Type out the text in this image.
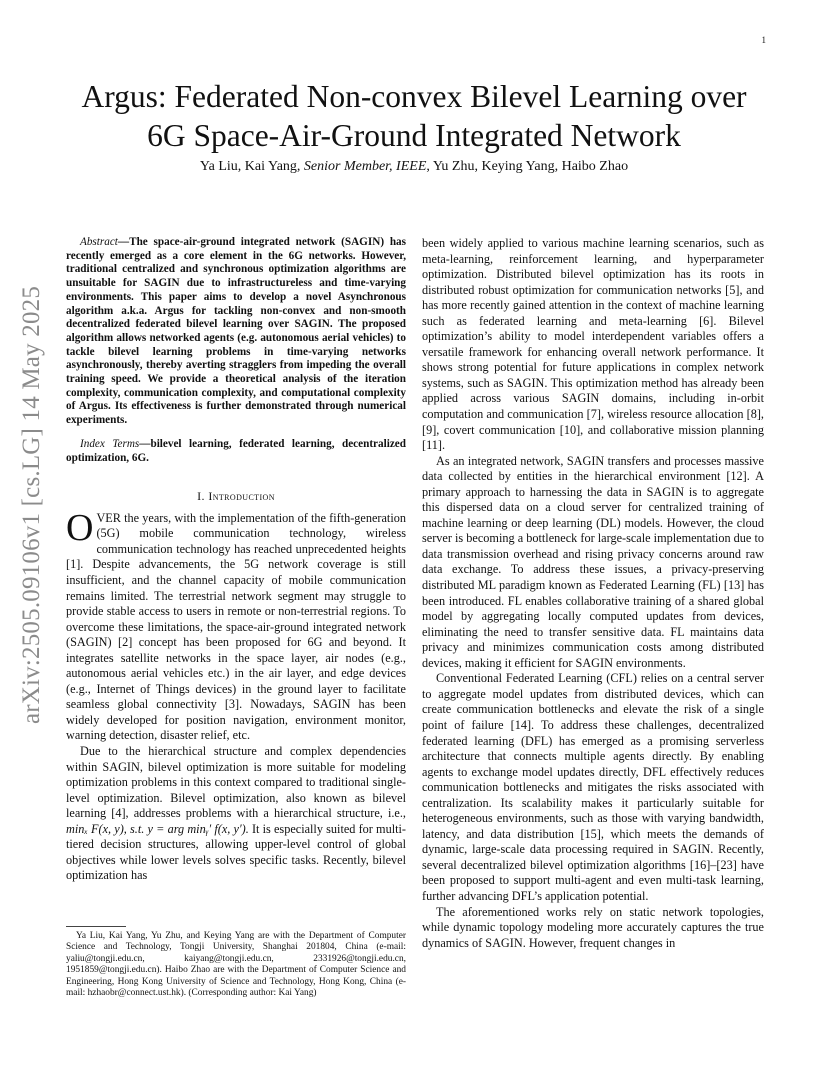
1
arXiv:2505.09106v1 [cs.LG] 14 May 2025
Argus: Federated Non-convex Bilevel Learning over
6G Space-Air-Ground Integrated Network
Ya Liu, Kai Yang, Senior Member, IEEE, Yu Zhu, Keying Yang, Haibo Zhao

Abstract—The space-air-ground integrated network (SAGIN) has recently emerged as a core element in the 6G networks. However, traditional centralized and synchronous optimization algorithms are unsuitable for SAGIN due to infrastructureless and time-varying environments. This paper aims to develop a novel Asynchronous algorithm a.k.a. Argus for tackling non-convex and non-smooth decentralized federated bilevel learning over SAGIN. The proposed algorithm allows networked agents (e.g. autonomous aerial vehicles) to tackle bilevel learning problems in time-varying networks asynchronously, thereby averting stragglers from impeding the overall training speed. We provide a theoretical analysis of the iteration complexity, communication complexity, and computational complexity of Argus. Its effectiveness is further demonstrated through numerical experiments.

Index Terms—bilevel learning, federated learning, decentralized optimization, 6G.

I. Introduction

OVER the years, with the implementation of the fifth-generation (5G) mobile communication technology, wireless communication technology has reached unprecedented heights [1]. Despite advancements, the 5G network coverage is still insufficient, and the channel capacity of mobile communication remains limited. The terrestrial network segment may struggle to provide stable access to users in remote or non-terrestrial regions. To overcome these limitations, the space-air-ground integrated network (SAGIN) [2] concept has been proposed for 6G and beyond. It integrates satellite networks in the space layer, air nodes (e.g., autonomous aerial vehicles etc.) in the air layer, and edge devices (e.g., Internet of Things devices) in the ground layer to facilitate seamless global connectivity [3]. Nowadays, SAGIN has been widely developed for position navigation, environment monitor, warning detection, disaster relief, etc.

Due to the hierarchical structure and complex dependencies within SAGIN, bilevel optimization is more suitable for modeling optimization problems in this context compared to traditional single-level optimization. Bilevel optimization, also known as bilevel learning [4], addresses problems with a hierarchical structure, i.e., minₓ F(x, y), s.t. y = arg minᵧ′ f(x, y′). It is especially suited for multi-tiered decision structures, allowing upper-level control of global objectives while lower levels solves specific tasks. Recently, bilevel optimization has

Ya Liu, Kai Yang, Yu Zhu, and Keying Yang are with the Department of Computer Science and Technology, Tongji University, Shanghai 201804, China (e-mail: yaliu@tongji.edu.cn, kaiyang@tongji.edu.cn, 2331926@tongji.edu.cn, 1951859@tongji.edu.cn). Haibo Zhao are with the Department of Computer Science and Engineering, Hong Kong University of Science and Technology, Hong Kong, China (e-mail: hzhaobr@connect.ust.hk). (Corresponding author: Kai Yang)

been widely applied to various machine learning scenarios, such as meta-learning, reinforcement learning, and hyperparameter optimization. Distributed bilevel optimization has its roots in distributed robust optimization for communication networks [5], and has more recently gained attention in the context of machine learning such as federated learning and meta-learning [6]. Bilevel optimization’s ability to model interdependent variables offers a versatile framework for enhancing overall network performance. It shows strong potential for future applications in complex network systems, such as SAGIN. This optimization method has already been applied across various SAGIN domains, including in-orbit computation and communication [7], wireless resource allocation [8], [9], covert communication [10], and collaborative mission planning [11].

As an integrated network, SAGIN transfers and processes massive data collected by entities in the hierarchical environment [12]. A primary approach to harnessing the data in SAGIN is to aggregate this dispersed data on a cloud server for centralized training of machine learning or deep learning (DL) models. However, the cloud server is becoming a bottleneck for large-scale implementation due to data transmission overhead and rising privacy concerns around raw data exchange. To address these issues, a privacy-preserving distributed ML paradigm known as Federated Learning (FL) [13] has been introduced. FL enables collaborative training of a shared global model by aggregating locally computed updates from devices, eliminating the need to transfer sensitive data. FL maintains data privacy and minimizes communication costs among distributed devices, making it efficient for SAGIN environments.

Conventional Federated Learning (CFL) relies on a central server to aggregate model updates from distributed devices, which can create communication bottlenecks and elevate the risk of a single point of failure [14]. To address these challenges, decentralized federated learning (DFL) has emerged as a promising serverless architecture that connects multiple agents directly. By enabling agents to exchange model updates directly, DFL effectively reduces communication bottlenecks and mitigates the risks associated with centralization. Its scalability makes it particularly suitable for heterogeneous environments, such as those with varying bandwidth, latency, and data distribution [15], which meets the demands of dynamic, large-scale data processing required in SAGIN. Recently, several decentralized bilevel optimization algorithms [16]–[23] have been proposed to support multi-agent and even multi-task learning, further advancing DFL’s application potential.

The aforementioned works rely on static network topologies, while dynamic topology modeling more accurately captures the true dynamics of SAGIN. However, frequent changes in
